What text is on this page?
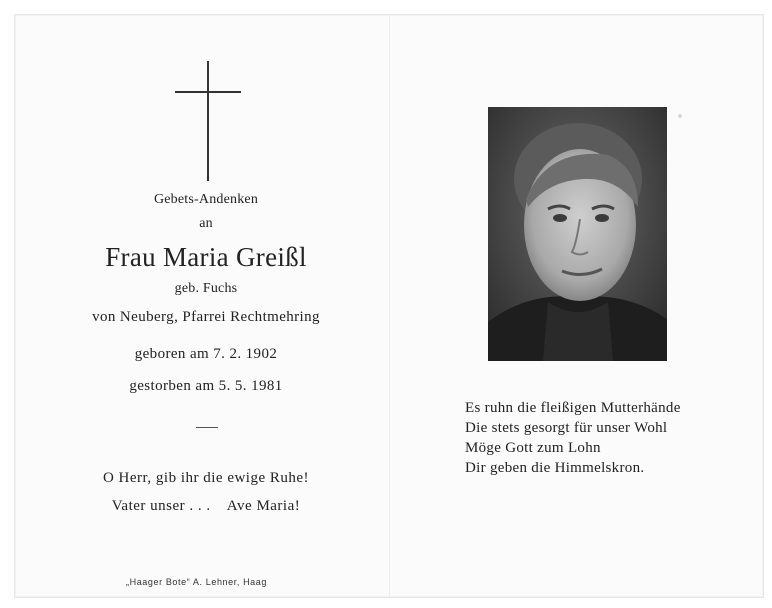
Gebets-Andenken
an
Frau Maria Greißl
geb. Fuchs
von Neuberg, Pfarrei Rechtmehring
geboren am 7. 2. 1902
gestorben am 5. 5. 1981
O Herr, gib ihr die ewige Ruhe!
Vater unser . . .    Ave Maria!
„Haager Bote“ A. Lehner, Haag
Es ruhn die fleißigen Mutterhände
Die stets gesorgt für unser Wohl
Möge Gott zum Lohn
Dir geben die Himmelskron.
